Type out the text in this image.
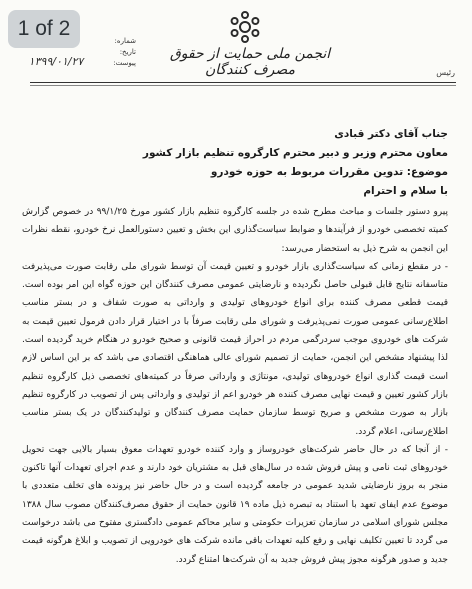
1 of 2
شماره:
تاریخ:
پیوست:
۱۳۹۹/۰۱/۲۷	انجمن ملی حمایت از حقوق مصرف کنندگان	رئیس
جناب آقای دکتر قبادی
معاون محترم وزیر و دبیر محترم کارگروه تنظیم بازار کشور
موضوع: تدوین مقررات مربوط به حوزه خودرو
با سلام و احترام

پیرو دستور جلسات و مباحث مطرح شده در جلسه کارگروه تنظیم بازار کشور مورخ ۹۹/۱/۲۵ در خصوص گزارش کمیته تخصصی خودرو از فرآیندها و ضوابط سیاست‌گذاری این بخش و تعیین دستورالعمل نرخ خودرو، نقطه نظرات این انجمن به شرح ذیل به استحضار می‌رسد:

- در مقطع زمانی که سیاست‌گذاری بازار خودرو و تعیین قیمت آن توسط شورای ملی رقابت صورت می‌پذیرفت متاسفانه نتایج قابل قبولی حاصل نگردیده و نارضایتی عمومی مصرف کنندگان این حوزه گواه این امر بوده است. قیمت قطعی مصرف کننده برای انواع خودروهای تولیدی و وارداتی به صورت شفاف و در بستر مناسب اطلاع‌رسانی عمومی صورت نمی‌پذیرفت و شورای ملی رقابت صرفاً با در اختیار قرار دادن فرمول تعیین قیمت به شرکت های خودروی موجب سردرگمی مردم در احراز قیمت قانونی و صحیح خودرو در هنگام خرید گردیده است. لذا پیشنهاد مشخص این انجمن، حمایت از تصمیم شورای عالی هماهنگی اقتصادی می باشد که بر این اساس لازم است قیمت گذاری انواع خودروهای تولیدی، مونتاژی و وارداتی صرفاً در کمیته‌های تخصصی ذیل کارگروه تنظیم بازار کشور تعیین و قیمت نهایی مصرف کننده هر خودرو اعم از تولیدی و وارداتی پس از تصویب در کارگروه تنظیم بازار به صورت مشخص و صریح توسط سازمان حمایت مصرف کنندگان و تولیدکنندگان در یک بستر مناسب اطلاع‌رسانی، اعلام گردد.

- از آنجا که در حال حاضر شرکت‌های خودروساز و وارد کننده خودرو تعهدات معوق بسیار بالایی جهت تحویل خودروهای ثبت نامی و پیش فروش شده در سال‌های قبل به مشتریان خود دارند و عدم اجرای تعهدات آنها تاکنون منجر به بروز نارضایتی شدید عمومی در جامعه گردیده است و در حال حاضر نیز پرونده های تخلف متعددی با موضوع عدم ایفای تعهد با استناد به تبصره ذیل ماده ۱۹ قانون حمایت از حقوق مصرف‌کنندگان مصوب سال ۱۳۸۸ مجلس شورای اسلامی در سازمان تعزیرات حکومتی و سایر محاکم عمومی دادگستری مفتوح می باشد درخواست می گردد تا تعیین تکلیف نهایی و رفع کلیه تعهدات باقی مانده شرکت های خودرویی از تصویب و ابلاغ هرگونه قیمت جدید و صدور هرگونه مجوز پیش فروش جدید به آن شرکت‌ها امتناع گردد.
